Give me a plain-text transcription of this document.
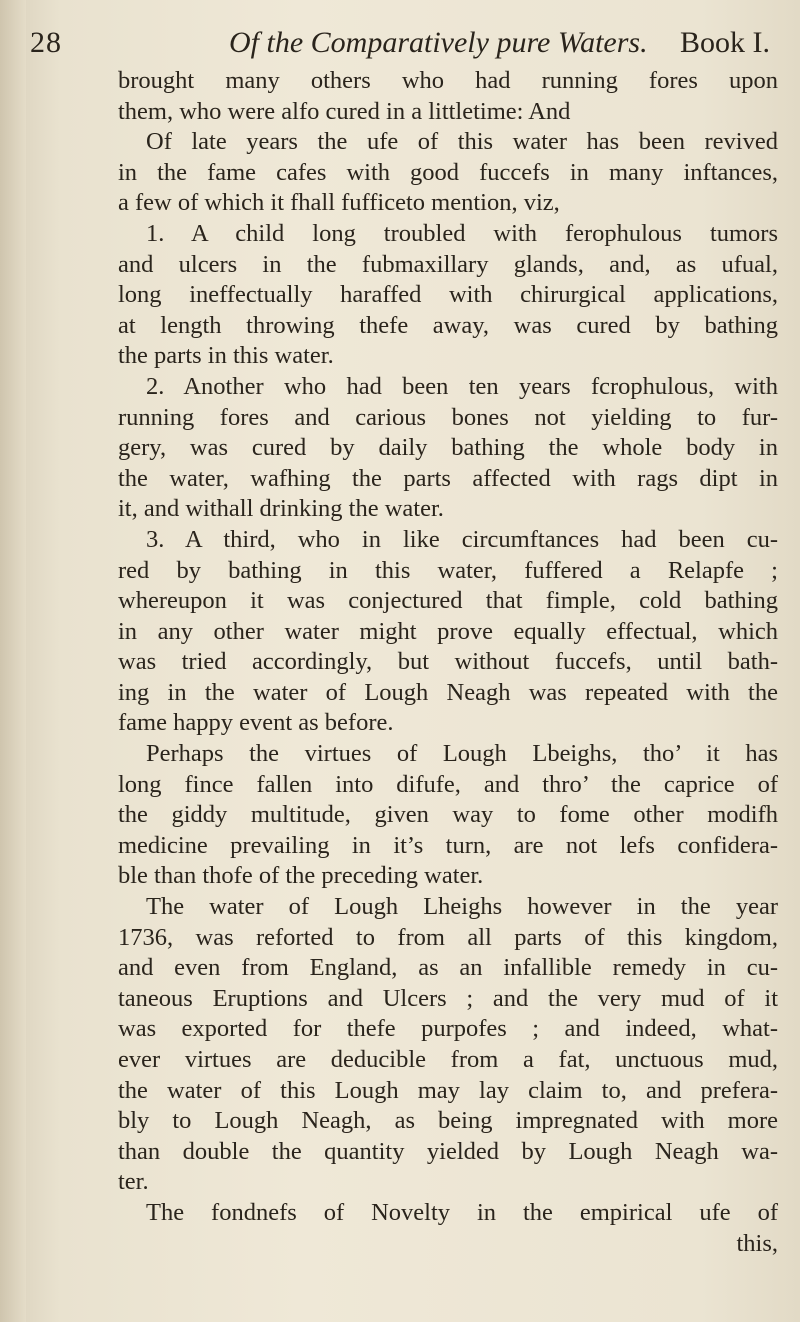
28	Of the Comparatively pure Waters. Book I.
brought many others who had running fores upon
them, who were alfo cured in a littletime: And
Of late years the ufe of this water has been revived
in the fame cafes with good fuccefs in many inftances,
a few of which it fhall fufficeto mention, viz,
1. A child long troubled with ferophulous tumors
and ulcers in the fubmaxillary glands, and, as ufual,
long ineffectually haraffed with chirurgical applications,
at length throwing thefe away, was cured by bathing
the parts in this water.
2. Another who had been ten years fcrophulous, with
running fores and carious bones not yielding to fur-
gery, was cured by daily bathing the whole body in
the water, wafhing the parts affected with rags dipt in
it, and withall drinking the water.
3. A third, who in like circumftances had been cu-
red by bathing in this water, fuffered a Relapfe ;
whereupon it was conjectured that fimple, cold bathing
in any other water might prove equally effectual, which
was tried accordingly, but without fuccefs, until bath-
ing in the water of Lough Neagh was repeated with the
fame happy event as before.
Perhaps the virtues of Lough Lbeighs, tho’ it has
long fince fallen into difufe, and thro’ the caprice of
the giddy multitude, given way to fome other modifh
medicine prevailing in it’s turn, are not lefs confidera-
ble than thofe of the preceding water.
The water of Lough Lheighs however in the year
1736, was reforted to from all parts of this kingdom,
and even from England, as an infallible remedy in cu-
taneous Eruptions and Ulcers ; and the very mud of it
was exported for thefe purpofes ; and indeed, what-
ever virtues are deducible from a fat, unctuous mud,
the water of this Lough may lay claim to, and prefera-
bly to Lough Neagh, as being impregnated with more
than double the quantity yielded by Lough Neagh wa-
ter.
The fondnefs of Novelty in the empirical ufe of
this,
